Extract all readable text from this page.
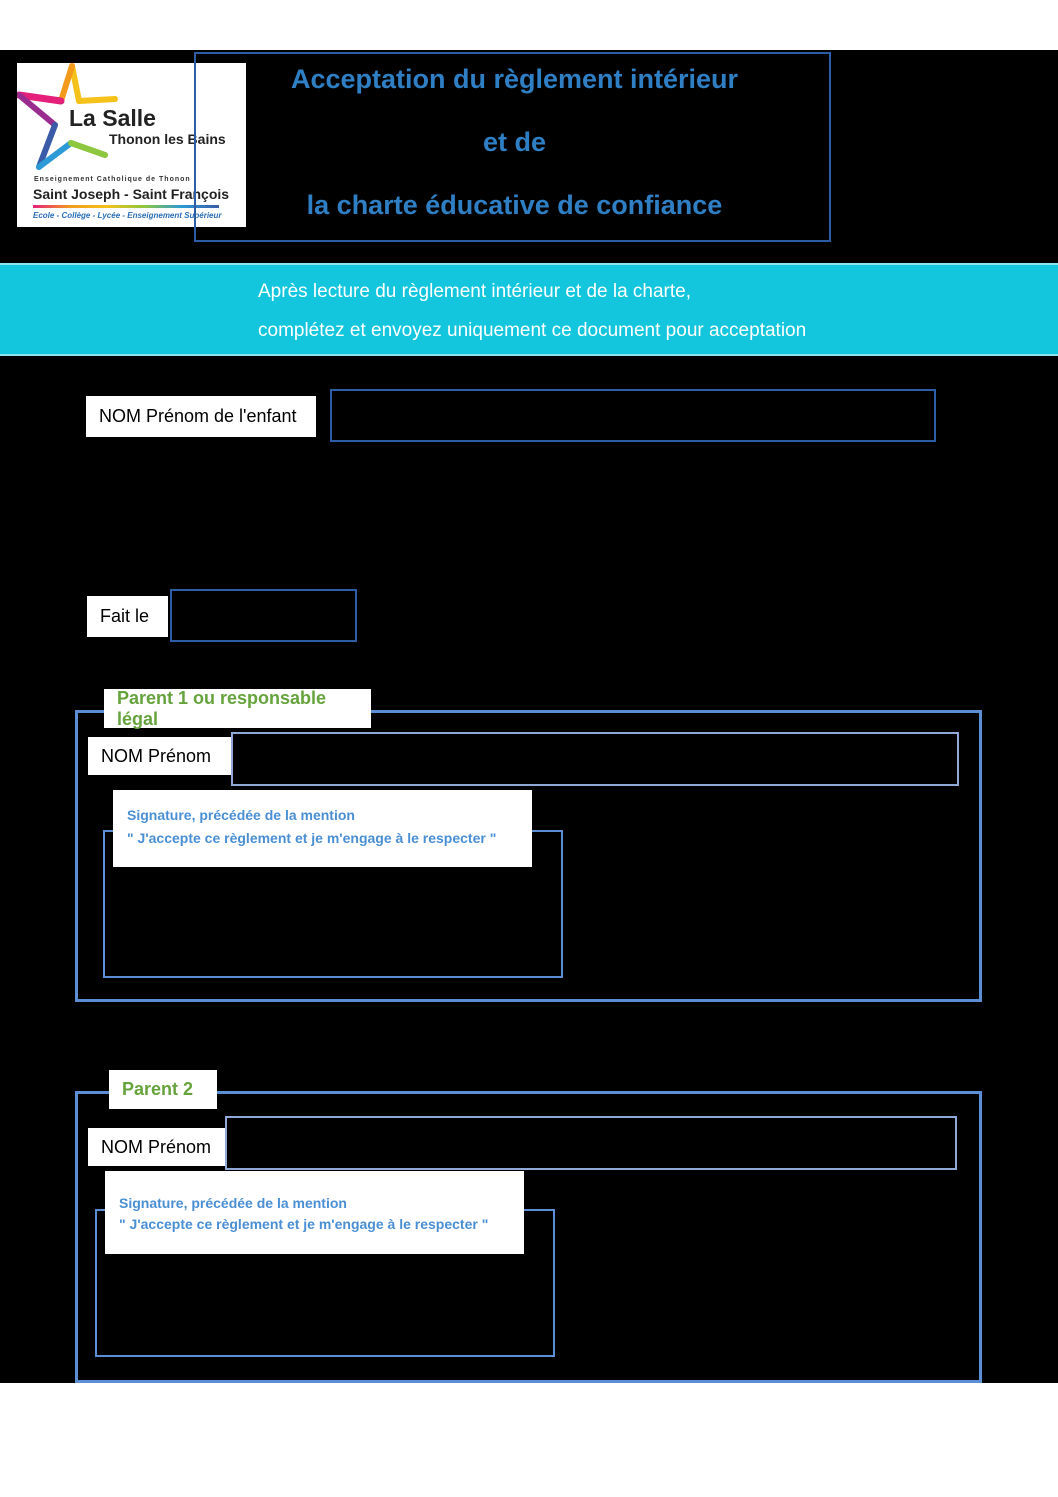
La Salle
Thonon les Bains
Enseignement Catholique de Thonon
Saint Joseph - Saint François
Ecole - Collège - Lycée - Enseignement Supérieur
Acceptation du règlement intérieur
et de
la charte éducative de confiance
Après lecture du règlement intérieur et de la charte,
complétez et envoyez uniquement ce document pour acceptation
NOM Prénom de l'enfant
Fait le
Parent 1 ou responsable légal
NOM Prénom
Signature, précédée de la mention
" J'accepte ce règlement et je m'engage à le respecter "
Parent 2
NOM Prénom
Signature, précédée de la mention
" J'accepte ce règlement et je m'engage à le respecter "
